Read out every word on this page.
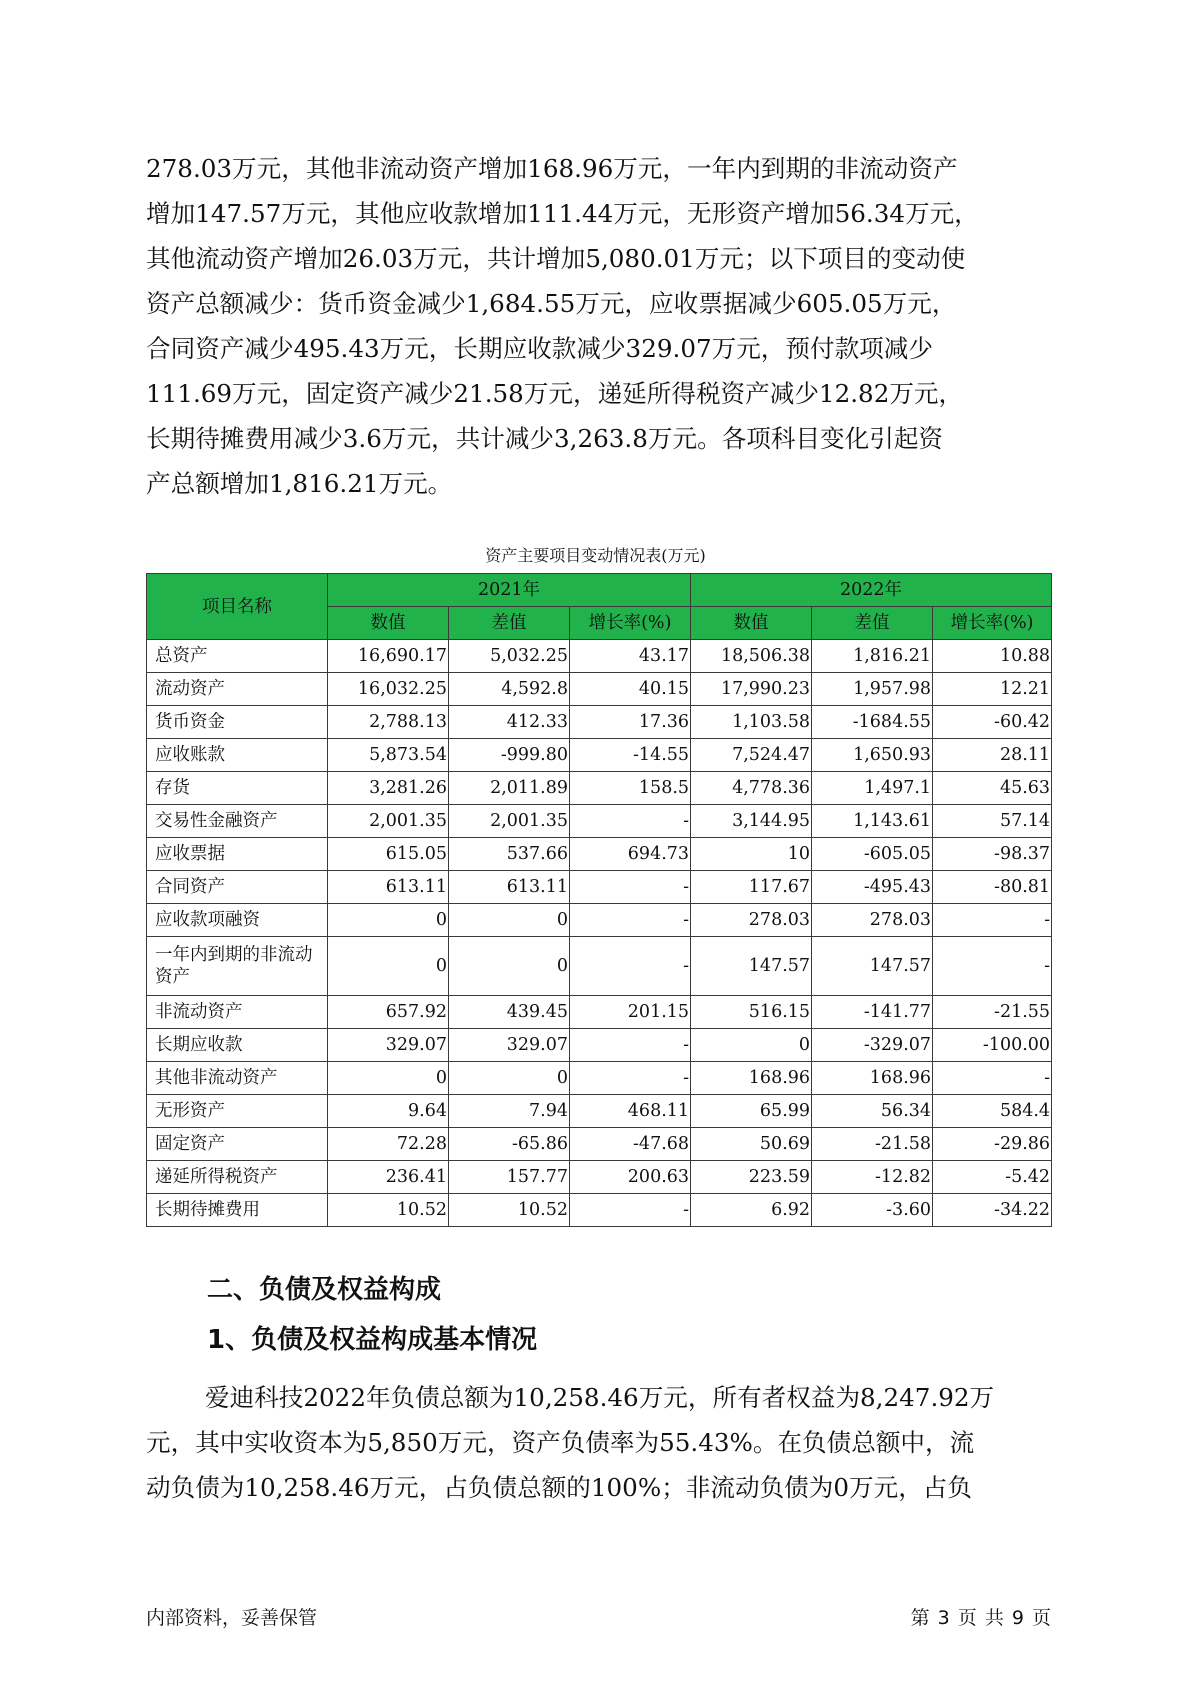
278.03万元，其他非流动资产增加168.96万元，一年内到期的非流动资产

增加147.57万元，其他应收款增加111.44万元，无形资产增加56.34万元，

其他流动资产增加26.03万元，共计增加5,080.01万元；以下项目的变动使

资产总额减少：货币资金减少1,684.55万元，应收票据减少605.05万元，

合同资产减少495.43万元，长期应收款减少329.07万元，预付款项减少

111.69万元，固定资产减少21.58万元，递延所得税资产减少12.82万元，

长期待摊费用减少3.6万元，共计减少3,263.8万元。各项科目变化引起资

产总额增加1,816.21万元。

资产主要项目变动情况表(万元)
项目名称	2021年			2022年		
	数值	差值	增长率(%)	数值	差值	增长率(%)
总资产	16,690.17	5,032.25	43.17	18,506.38	1,816.21	10.88
流动资产	16,032.25	4,592.8	40.15	17,990.23	1,957.98	12.21
货币资金	2,788.13	412.33	17.36	1,103.58	-1684.55	-60.42
应收账款	5,873.54	-999.80	-14.55	7,524.47	1,650.93	28.11
存货	3,281.26	2,011.89	158.5	4,778.36	1,497.1	45.63
交易性金融资产	2,001.35	2,001.35	-	3,144.95	1,143.61	57.14
应收票据	615.05	537.66	694.73	10	-605.05	-98.37
合同资产	613.11	613.11	-	117.67	-495.43	-80.81
应收款项融资	0	0	-	278.03	278.03	-
一年内到期的非流动资产	0	0	-	147.57	147.57	-
非流动资产	657.92	439.45	201.15	516.15	-141.77	-21.55
长期应收款	329.07	329.07	-	0	-329.07	-100.00
其他非流动资产	0	0	-	168.96	168.96	-
无形资产	9.64	7.94	468.11	65.99	56.34	584.4
固定资产	72.28	-65.86	-47.68	50.69	-21.58	-29.86
递延所得税资产	236.41	157.77	200.63	223.59	-12.82	-5.42
长期待摊费用	10.52	10.52	-	6.92	-3.60	-34.22
二、负债及权益构成
1、负债及权益构成基本情况

爱迪科技2022年负债总额为10,258.46万元，所有者权益为8,247.92万

元，其中实收资本为5,850万元，资产负债率为55.43%。在负债总额中，流

动负债为10,258.46万元，占负债总额的100%；非流动负债为0万元，占负

内部资料，妥善保管	第 3 页 共 9 页
